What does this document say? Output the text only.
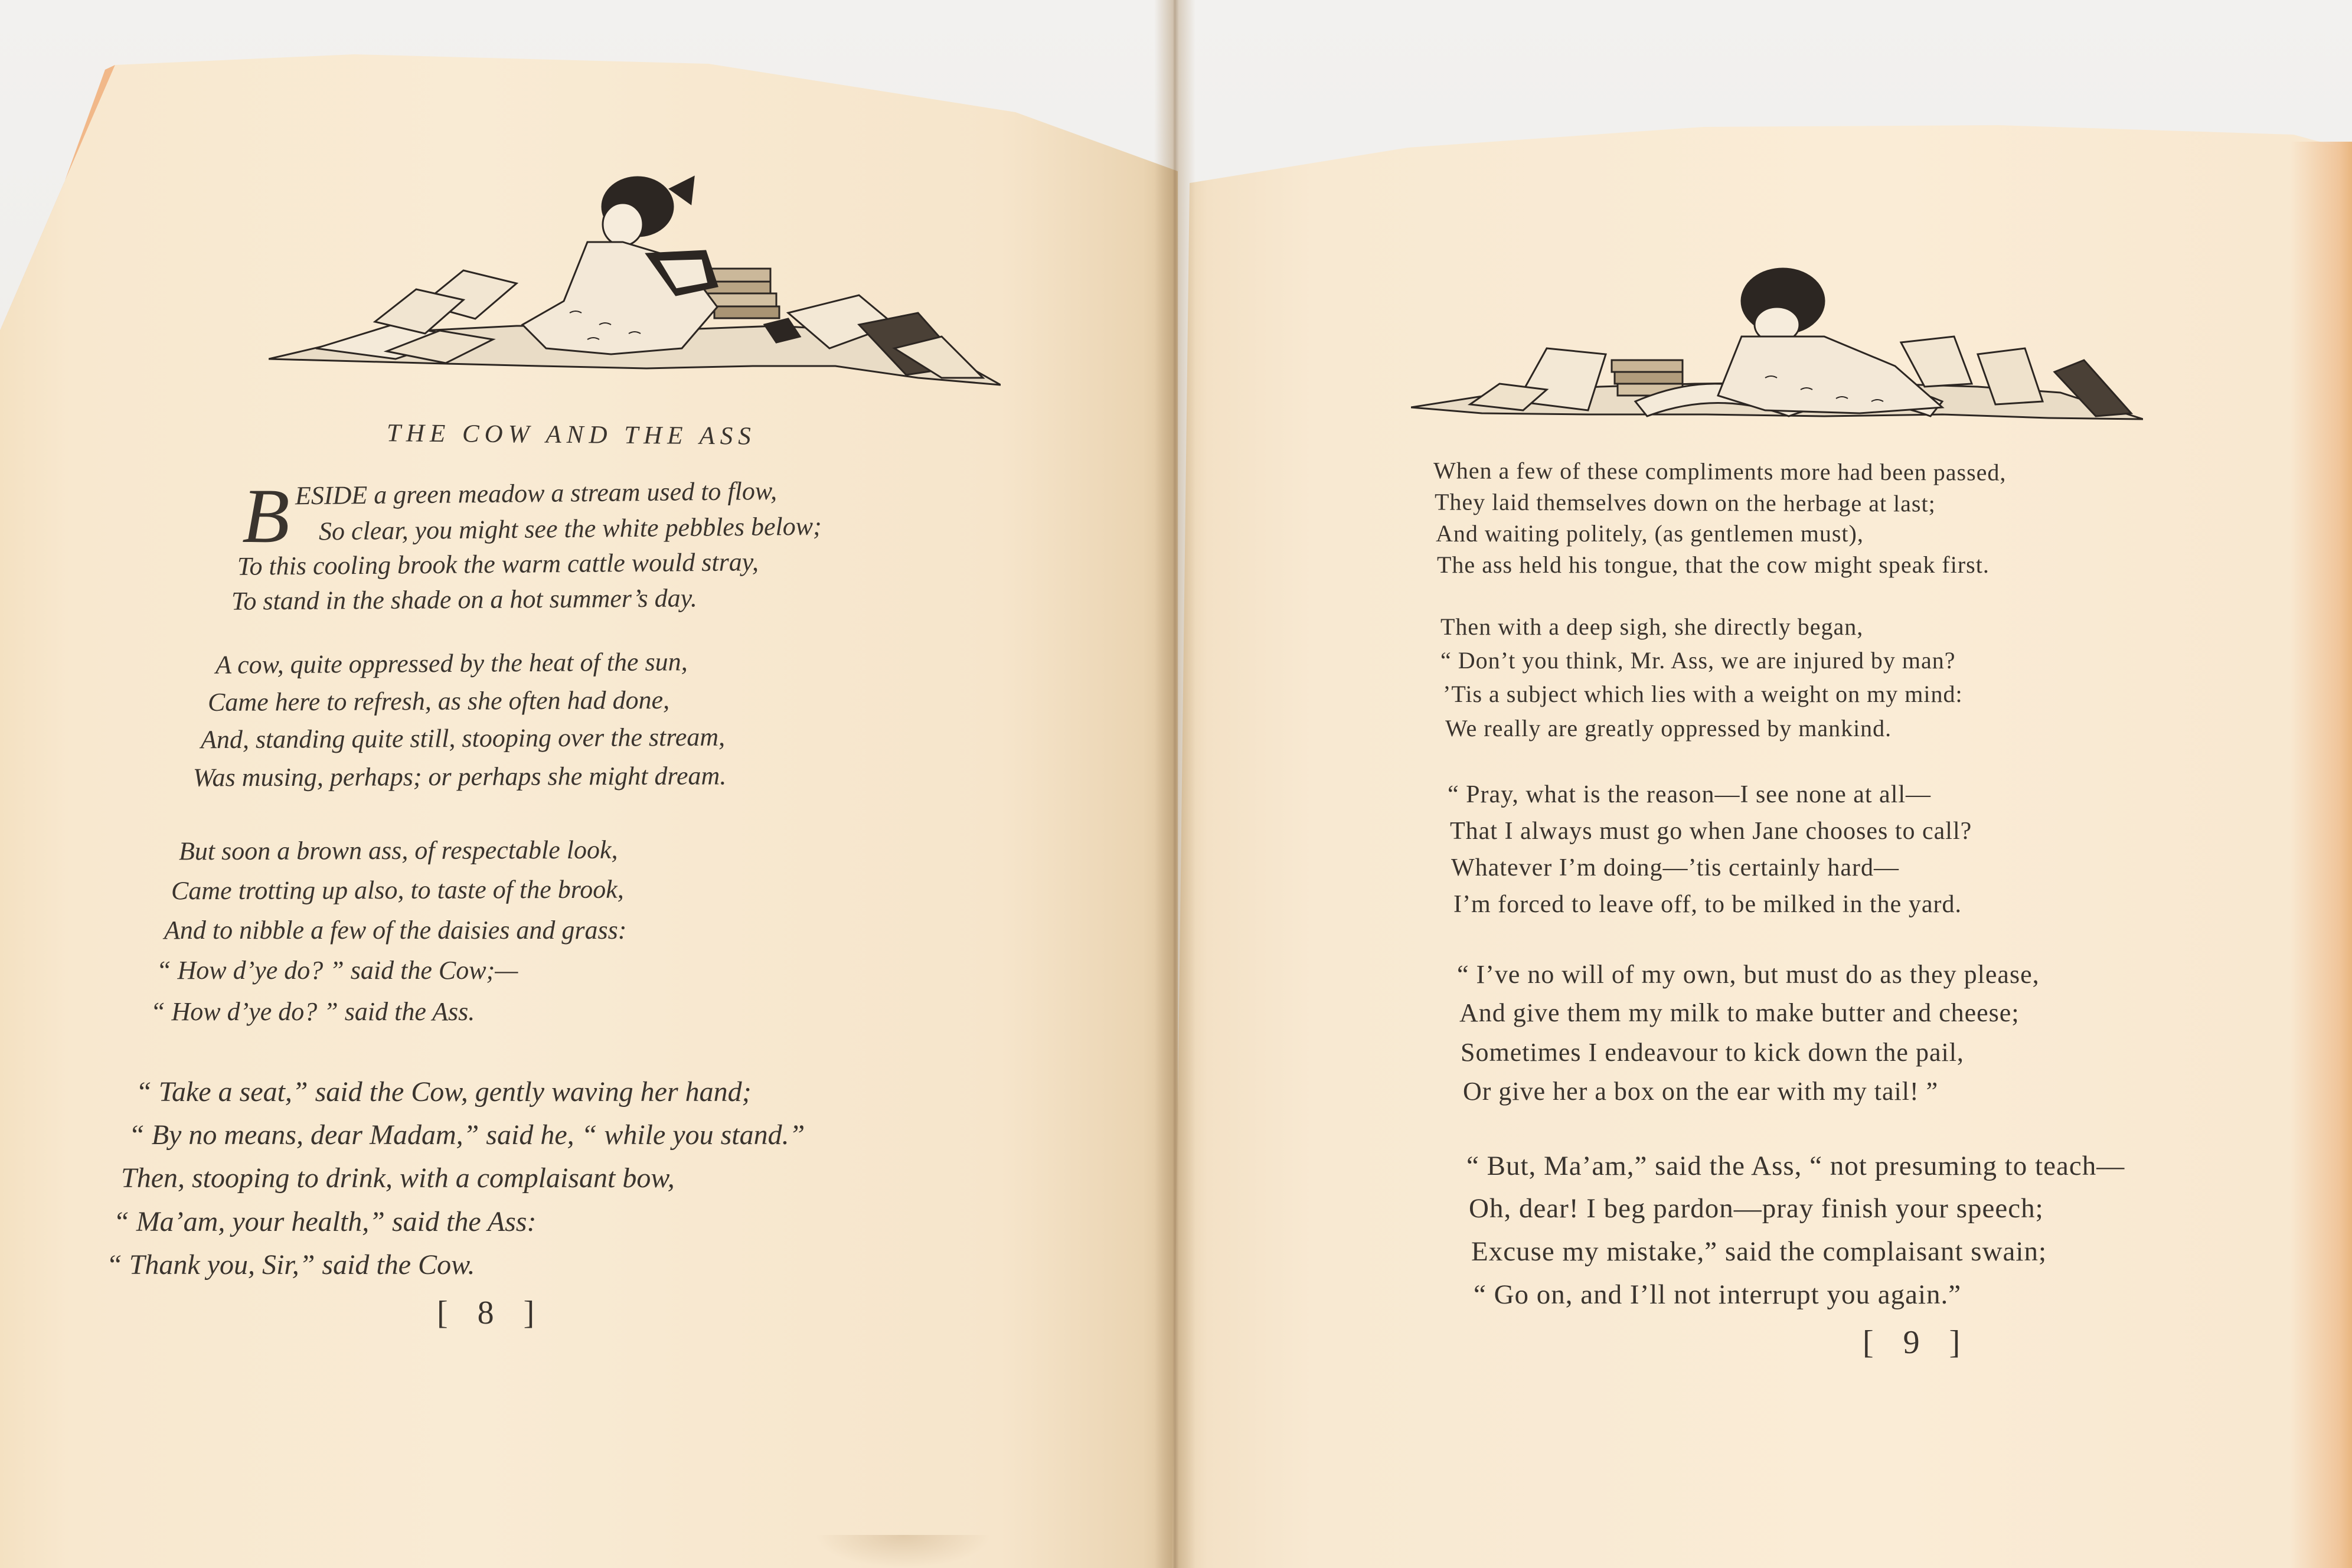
THE COW AND THE ASS
B ESIDE a green meadow a stream used to flow,
So clear, you might see the white pebbles below;
To this cooling brook the warm cattle would stray,
To stand in the shade on a hot summer’s day.
A cow, quite oppressed by the heat of the sun,
Came here to refresh, as she often had done,
And, standing quite still, stooping over the stream,
Was musing, perhaps; or perhaps she might dream.
But soon a brown ass, of respectable look,
Came trotting up also, to taste of the brook,
And to nibble a few of the daisies and grass:
“ How d’ye do? ” said the Cow;—
“ How d’ye do? ” said the Ass.
“ Take a seat,” said the Cow, gently waving her hand;
“ By no means, dear Madam,” said he, “ while you stand.”
Then, stooping to drink, with a complaisant bow,
“ Ma’am, your health,” said the Ass:
“ Thank you, Sir,” said the Cow.
[ 8 ]
When a few of these compliments more had been passed,
They laid themselves down on the herbage at last;
And waiting politely, (as gentlemen must),
The ass held his tongue, that the cow might speak first.
Then with a deep sigh, she directly began,
“ Don’t you think, Mr. Ass, we are injured by man?
’Tis a subject which lies with a weight on my mind:
We really are greatly oppressed by mankind.
“ Pray, what is the reason—I see none at all—
That I always must go when Jane chooses to call?
Whatever I’m doing—’tis certainly hard—
I’m forced to leave off, to be milked in the yard.
“ I’ve no will of my own, but must do as they please,
And give them my milk to make butter and cheese;
Sometimes I endeavour to kick down the pail,
Or give her a box on the ear with my tail! ”
“ But, Ma’am,” said the Ass, “ not presuming to teach—
Oh, dear! I beg pardon—pray finish your speech;
Excuse my mistake,” said the complaisant swain;
“ Go on, and I’ll not interrupt you again.”
[ 9 ]
